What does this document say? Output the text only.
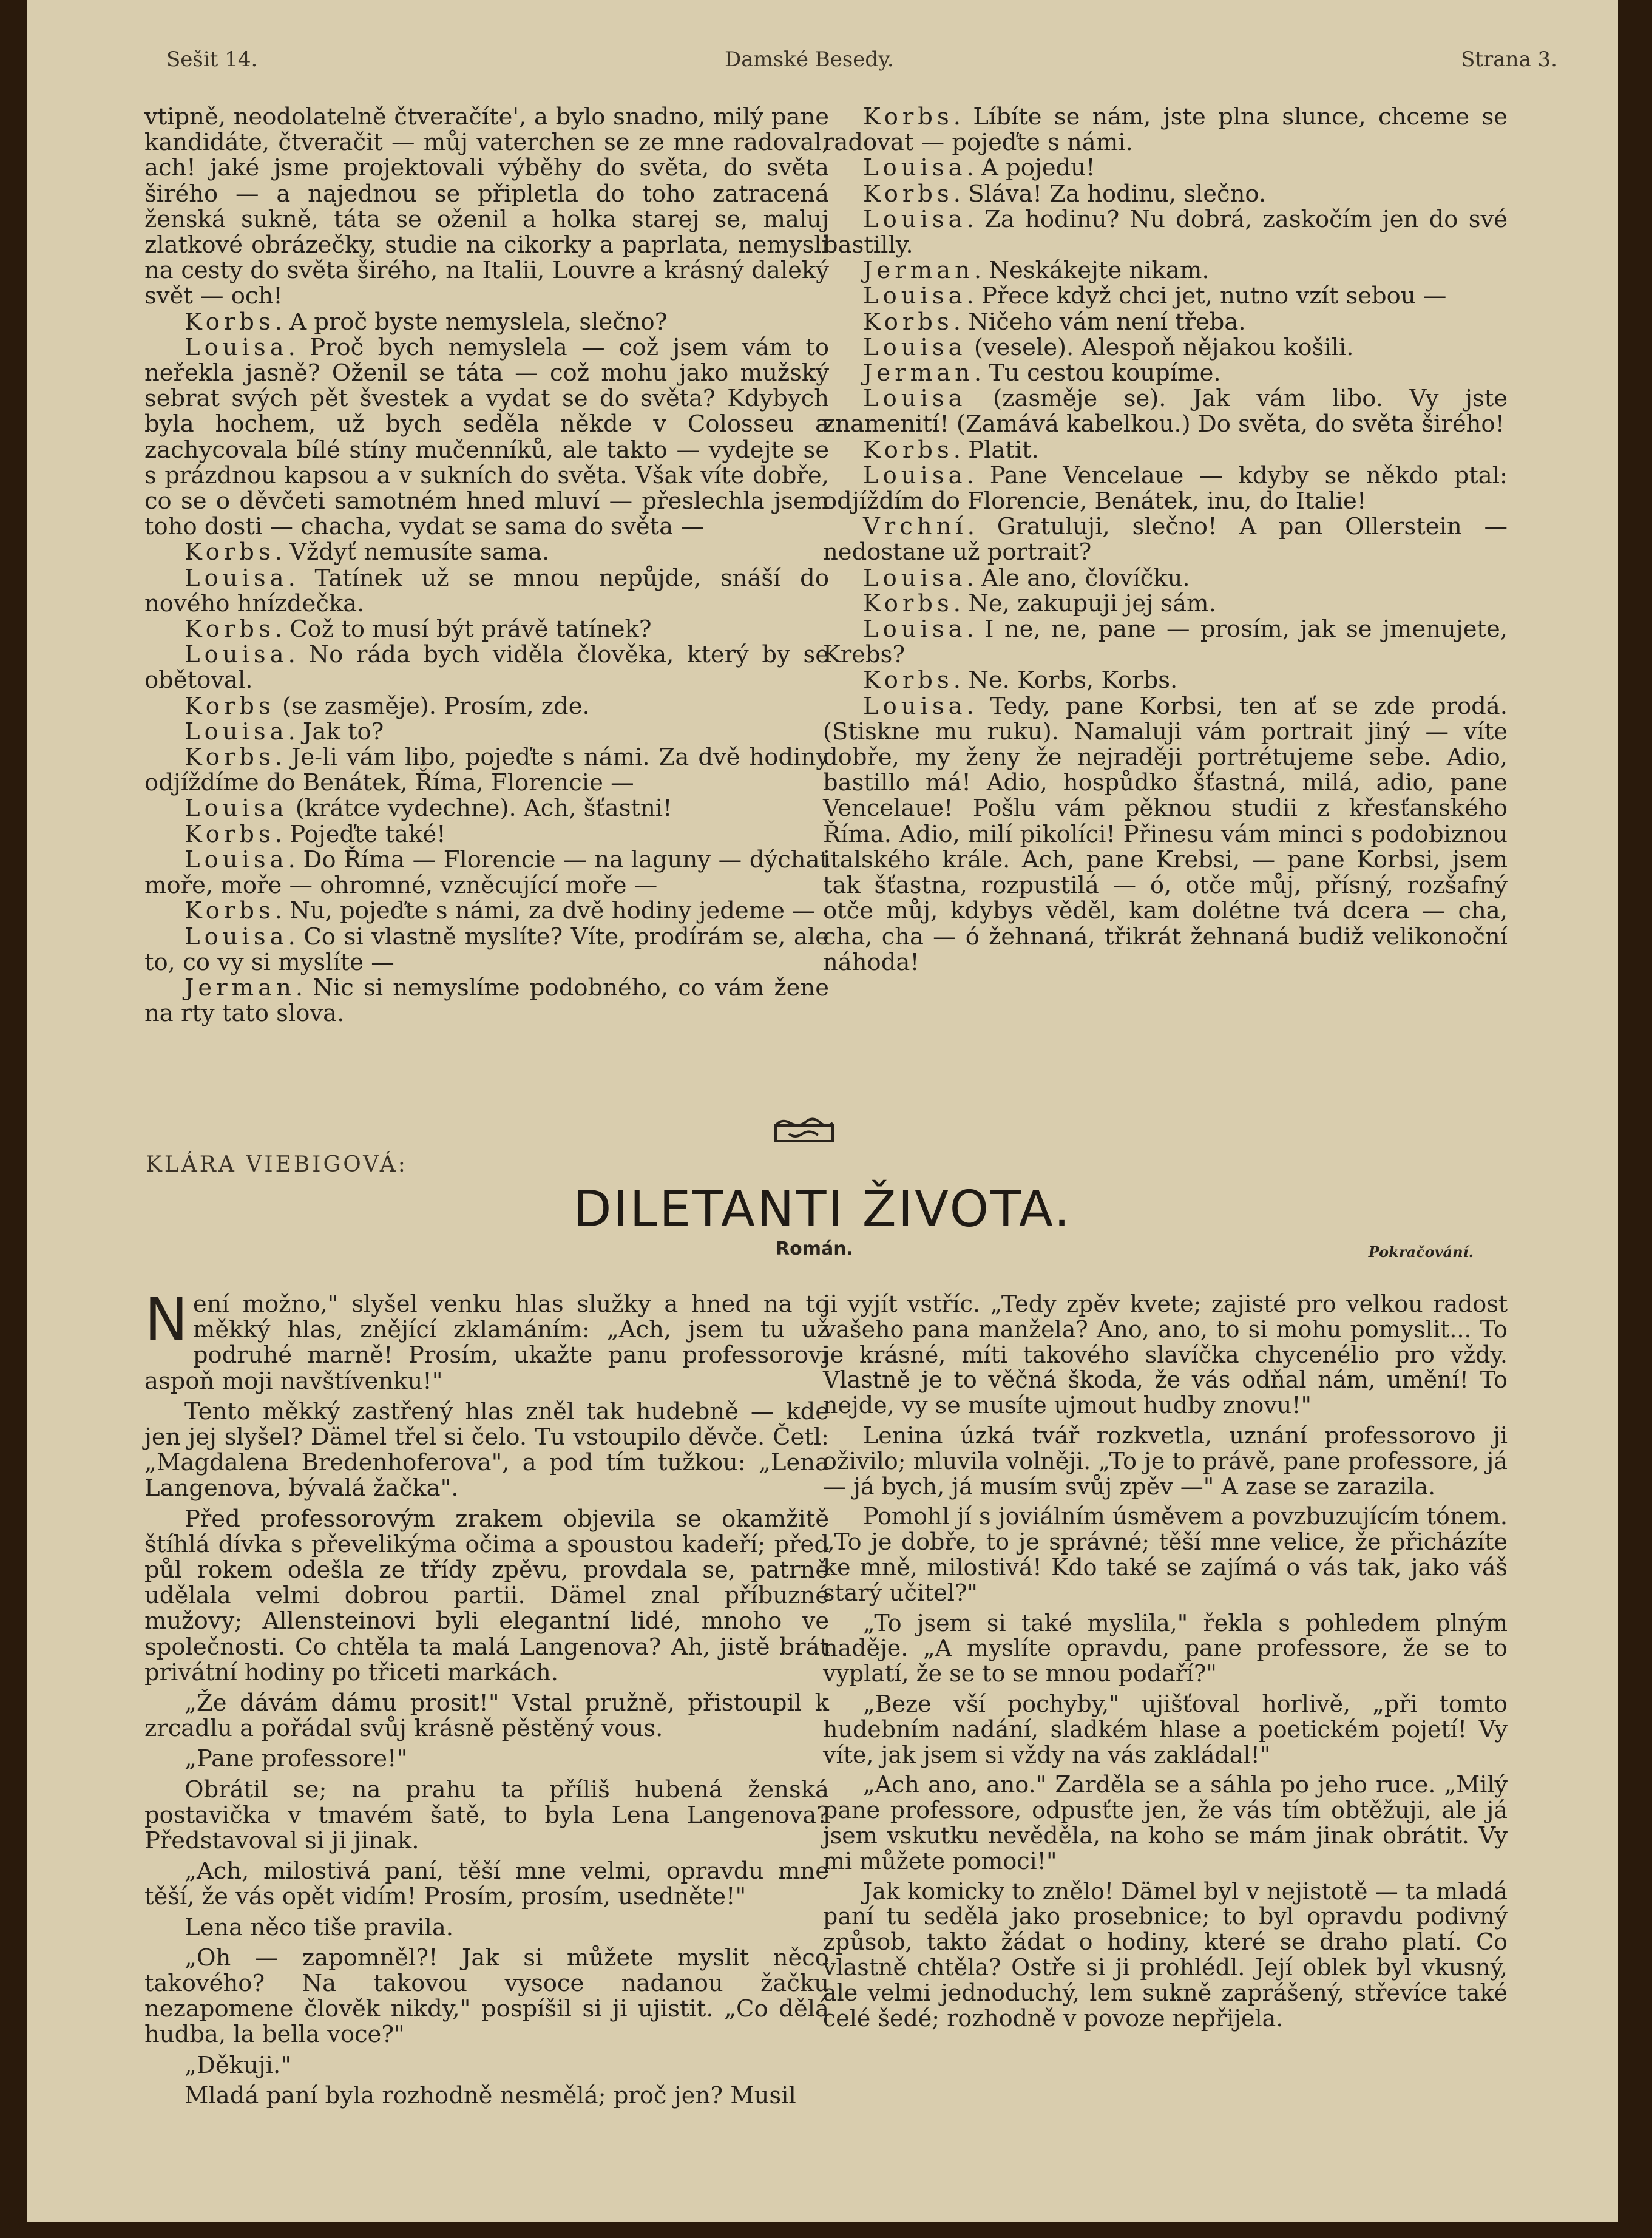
Sešit 14.	Damské Besedy.	Strana 3.

vtipně, neodolatelně čtveračíte', a bylo snadno, milý pane kandidáte, čtveračit — můj vaterchen se ze mne radoval, ach! jaké jsme projektovali výběhy do světa, do světa širého — a najednou se připletla do toho zatracená ženská sukně, táta se oženil a holka starej se, maluj zlatkové obrázečky, studie na cikorky a paprlata, nemysli na cesty do světa širého, na Italii, Louvre a krásný daleký svět — och!

Korbs. A proč byste nemyslela, slečno?

Louisa. Proč bych nemyslela — což jsem vám to neřekla jasně? Oženil se táta — což mohu jako mužský sebrat svých pět švestek a vydat se do světa? Kdybych byla hochem, už bych seděla někde v Colosseu a zachycovala bílé stíny mučenníků, ale takto — vydejte se s prázdnou kapsou a v sukních do světa. Však víte dobře, co se o děvčeti samotném hned mluví — přeslechla jsem toho dosti — chacha, vydat se sama do světa —

Korbs. Vždyť nemusíte sama.

Louisa. Tatínek už se mnou nepůjde, snáší do nového hnízdečka.

Korbs. Což to musí být právě tatínek?

Louisa. No ráda bych viděla člověka, který by se obětoval.

Korbs (se zasměje). Prosím, zde.

Louisa. Jak to?

Korbs. Je-li vám libo, pojeďte s námi. Za dvě hodiny odjíždíme do Benátek, Říma, Florencie —

Louisa (krátce vydechne). Ach, šťastni!

Korbs. Pojeďte také!

Louisa. Do Říma — Florencie — na laguny — dýchat moře, moře — ohromné, vzněcující moře —

Korbs. Nu, pojeďte s námi, za dvě hodiny jedeme —

Louisa. Co si vlastně myslíte? Víte, prodírám se, ale to, co vy si myslíte —

Jerman. Nic si nemyslíme podobného, co vám žene na rty tato slova.

Korbs. Líbíte se nám, jste plna slunce, chceme se radovat — pojeďte s námi.

Louisa. A pojedu!

Korbs. Sláva! Za hodinu, slečno.

Louisa. Za hodinu? Nu dobrá, zaskočím jen do své bastilly.

Jerman. Neskákejte nikam.

Louisa. Přece když chci jet, nutno vzít sebou —

Korbs. Ničeho vám není třeba.

Louisa (vesele). Alespoň nějakou košili.

Jerman. Tu cestou koupíme.

Louisa (zasměje se). Jak vám libo. Vy jste znamenití! (Zamává kabelkou.) Do světa, do světa širého!

Korbs. Platit.

Louisa. Pane Vencelaue — kdyby se někdo ptal: odjíždím do Florencie, Benátek, inu, do Italie!

Vrchní. Gratuluji, slečno! A pan Ollerstein — nedostane už portrait?

Louisa. Ale ano, človíčku.

Korbs. Ne, zakupuji jej sám.

Louisa. I ne, ne, pane — prosím, jak se jmenujete, Krebs?

Korbs. Ne. Korbs, Korbs.

Louisa. Tedy, pane Korbsi, ten ať se zde prodá. (Stiskne mu ruku). Namaluji vám portrait jiný — víte dobře, my ženy že nejraději portrétujeme sebe. Adio, bastillo má! Adio, hospůdko šťastná, milá, adio, pane Vencelaue! Pošlu vám pěknou studii z křesťanského Říma. Adio, milí pikolíci! Přinesu vám minci s podobiznou italského krále. Ach, pane Krebsi, — pane Korbsi, jsem tak šťastna, rozpustilá — ó, otče můj, přísný, rozšafný otče můj, kdybys věděl, kam dolétne tvá dcera — cha, cha, cha — ó žehnaná, třikrát žehnaná budiž velikonoční náhoda!

KLÁRA VIEBIGOVÁ:
DILETANTI ŽIVOTA.
Román.	Pokračování.

Není možno," slyšel venku hlas služky a hned na to měkký hlas, znějící zklamáním: „Ach, jsem tu už podruhé marně! Prosím, ukažte panu professorovi aspoň moji navštívenku!"

Tento měkký zastřený hlas zněl tak hudebně — kde jen jej slyšel? Dämel třel si čelo. Tu vstoupilo děvče. Četl: „Magdalena Bredenhoferova", a pod tím tužkou: „Lena Langenova, bývalá žačka".

Před professorovým zrakem objevila se okamžitě štíhlá dívka s převelikýma očima a spoustou kadeří; před půl rokem odešla ze třídy zpěvu, provdala se, patrně udělala velmi dobrou partii. Dämel znal příbuzné mužovy; Allensteinovi byli elegantní lidé, mnoho ve společnosti. Co chtěla ta malá Langenova? Ah, jistě brát privátní hodiny po třiceti markách.

„Že dávám dámu prosit!" Vstal pružně, přistoupil k zrcadlu a pořádal svůj krásně pěstěný vous.

„Pane professore!"

Obrátil se; na prahu ta příliš hubená ženská postavička v tmavém šatě, to byla Lena Langenova? Představoval si ji jinak.

„Ach, milostivá paní, těší mne velmi, opravdu mne těší, že vás opět vidím! Prosím, prosím, usedněte!"

Lena něco tiše pravila.

„Oh — zapomněl?! Jak si můžete myslit něco takového? Na takovou vysoce nadanou žačku nezapomene člověk nikdy," pospíšil si ji ujistit. „Co dělá hudba, la bella voce?"

„Děkuji."

Mladá paní byla rozhodně nesmělá; proč jen? Musil

ji vyjít vstříc. „Tedy zpěv kvete; zajisté pro velkou radost vašeho pana manžela? Ano, ano, to si mohu pomyslit... To je krásné, míti takového slavíčka chycenélio pro vždy. Vlastně je to věčná škoda, že vás odňal nám, umění! To nejde, vy se musíte ujmout hudby znovu!"

Lenina úzká tvář rozkvetla, uznání professorovo ji oživilo; mluvila volněji. „To je to právě, pane professore, já — já bych, já musím svůj zpěv —" A zase se zarazila.

Pomohl jí s joviálním úsměvem a povzbuzujícím tónem. „To je dobře, to je správné; těší mne velice, že přicházíte ke mně, milostivá! Kdo také se zajímá o vás tak, jako váš starý učitel?"

„To jsem si také myslila," řekla s pohledem plným naděje. „A myslíte opravdu, pane professore, že se to vyplatí, že se to se mnou podaří?"

„Beze vší pochyby," ujišťoval horlivě, „při tomto hudebním nadání, sladkém hlase a poetickém pojetí! Vy víte, jak jsem si vždy na vás zakládal!"

„Ach ano, ano." Zarděla se a sáhla po jeho ruce. „Milý pane professore, odpusťte jen, že vás tím obtěžuji, ale já jsem vskutku nevěděla, na koho se mám jinak obrátit. Vy mi můžete pomoci!"

Jak komicky to znělo! Dämel byl v nejistotě — ta mladá paní tu seděla jako prosebnice; to byl opravdu podivný způsob, takto žádat o hodiny, které se draho platí. Co vlastně chtěla? Ostře si ji prohlédl. Její oblek byl vkusný, ale velmi jednoduchý, lem sukně zaprášený, střevíce také celé šedé; rozhodně v povoze nepřijela.
